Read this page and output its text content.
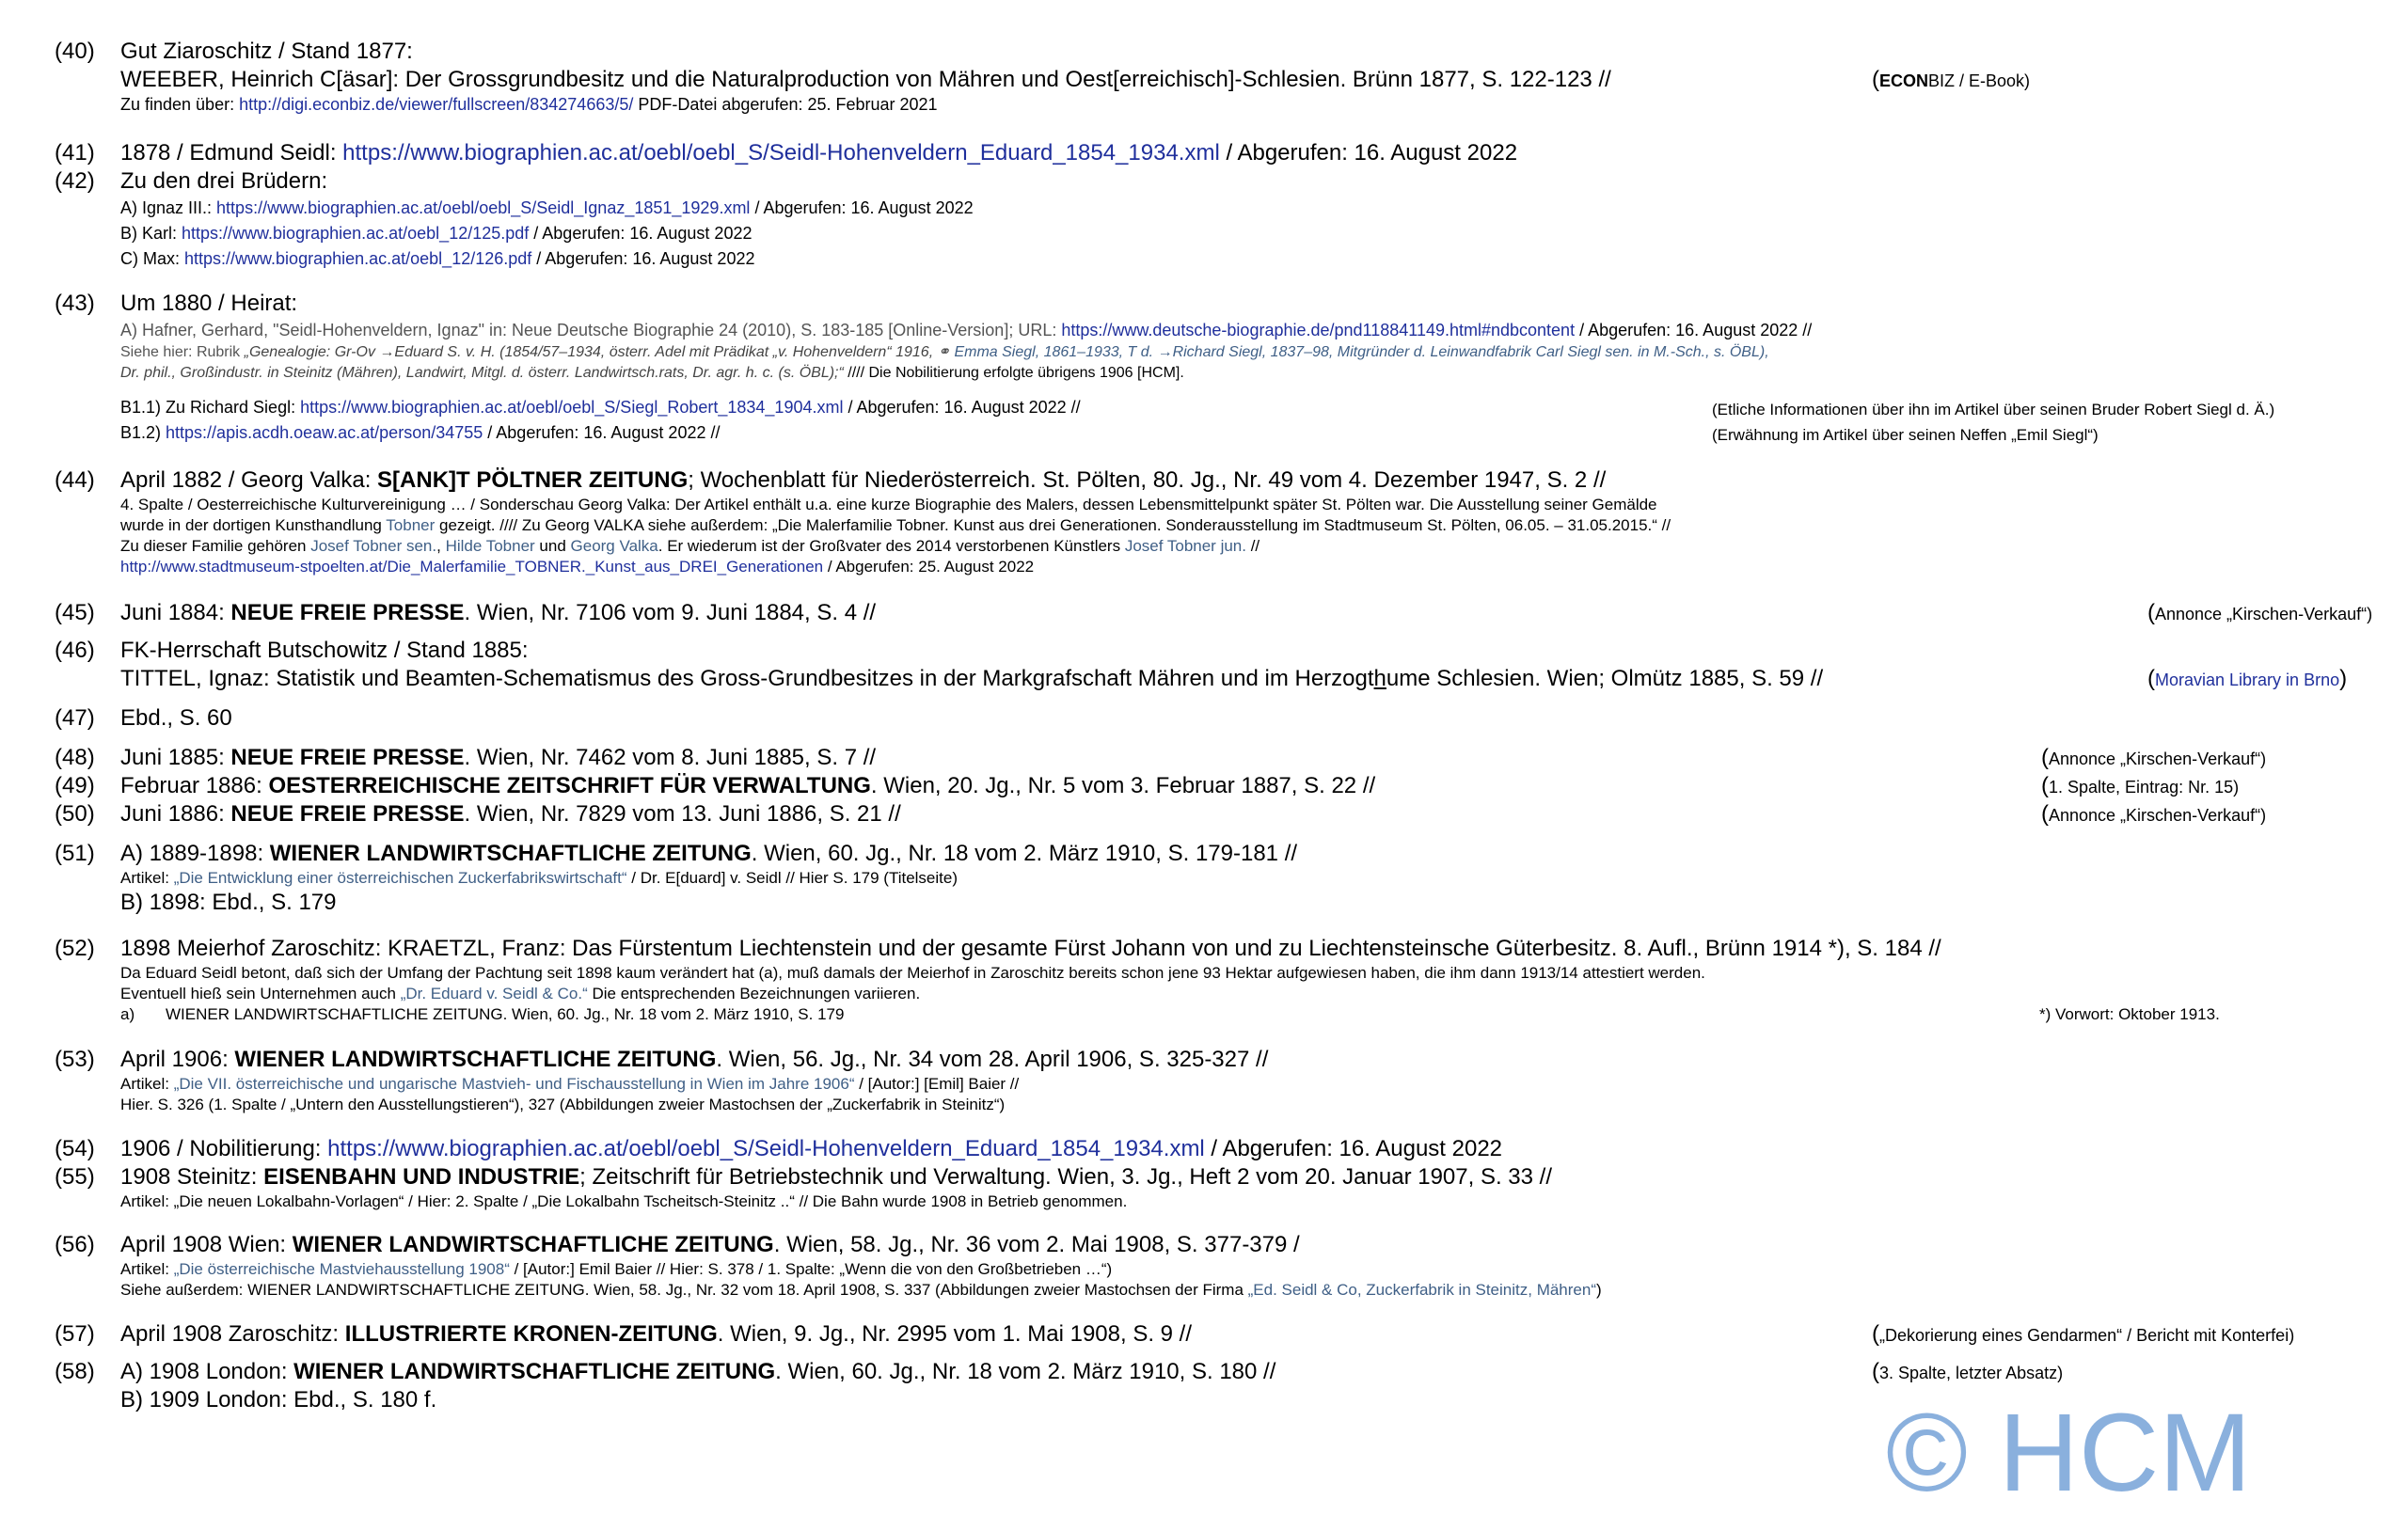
(40) Gut Ziaroschitz / Stand 1877:
WEEBER, Heinrich C[äsar]: Der Grossgrundbesitz und die Naturalproduction von Mähren und Oest[erreichisch]-Schlesien. Brünn 1877, S. 122-123 //	(ECONBIZ / E-Book)
Zu finden über: http://digi.econbiz.de/viewer/fullscreen/834274663/5/ PDF-Datei abgerufen: 25. Februar 2021
(41) 1878 / Edmund Seidl: https://www.biographien.ac.at/oebl/oebl_S/Seidl-Hohenveldern_Eduard_1854_1934.xml / Abgerufen: 16. August 2022
(42) Zu den drei Brüdern:
A) Ignaz III.: https://www.biographien.ac.at/oebl/oebl_S/Seidl_Ignaz_1851_1929.xml / Abgerufen: 16. August 2022
B) Karl: https://www.biographien.ac.at/oebl_12/125.pdf / Abgerufen: 16. August 2022
C) Max: https://www.biographien.ac.at/oebl_12/126.pdf / Abgerufen: 16. August 2022
(43) Um 1880 / Heirat:
A) Hafner, Gerhard, "Seidl-Hohenveldern, Ignaz" in: Neue Deutsche Biographie 24 (2010), S. 183-185 [Online-Version]; URL: https://www.deutsche-biographie.de/pnd118841149.html#ndbcontent / Abgerufen: 16. August 2022 //
Siehe hier: Rubrik „Genealogie: Gr-Ov →Eduard S. v. H. (1854/57–1934, österr. Adel mit Prädikat „v. Hohenveldern“ 1916, ⚭ Emma Siegl, 1861–1933, T d. →Richard Siegl, 1837–98, Mitgründer d. Leinwandfabrik Carl Siegl sen. in M.-Sch., s. ÖBL),
Dr. phil., Großindustr. in Steinitz (Mähren), Landwirt, Mitgl. d. österr. Landwirtsch.rats, Dr. agr. h. c. (s. ÖBL);“ //// Die Nobilitierung erfolgte übrigens 1906 [HCM].
B1.1) Zu Richard Siegl: https://www.biographien.ac.at/oebl/oebl_S/Siegl_Robert_1834_1904.xml / Abgerufen: 16. August 2022 //
B1.2) https://apis.acdh.oeaw.ac.at/person/34755 / Abgerufen: 16. August 2022 //
(Etliche Informationen über ihn im Artikel über seinen Bruder Robert Siegl d. Ä.)
(Erwähnung im Artikel über seinen Neffen „Emil Siegl“)
(44) April 1882 / Georg Valka: S[ANK]T PÖLTNER ZEITUNG; Wochenblatt für Niederösterreich. St. Pölten, 80. Jg., Nr. 49 vom 4. Dezember 1947, S. 2 //
4. Spalte / Oesterreichische Kulturvereinigung … / Sonderschau Georg Valka: Der Artikel enthält u.a. eine kurze Biographie des Malers, dessen Lebensmittelpunkt später St. Pölten war. Die Ausstellung seiner Gemälde
wurde in der dortigen Kunsthandlung Tobner gezeigt. //// Zu Georg VALKA siehe außerdem: „Die Malerfamilie Tobner. Kunst aus drei Generationen. Sonderausstellung im Stadtmuseum St. Pölten, 06.05. – 31.05.2015.“ //
Zu dieser Familie gehören Josef Tobner sen., Hilde Tobner und Georg Valka. Er wiederum ist der Großvater des 2014 verstorbenen Künstlers Josef Tobner jun. //
http://www.stadtmuseum-stpoelten.at/Die_Malerfamilie_TOBNER._Kunst_aus_DREI_Generationen / Abgerufen: 25. August 2022
(45) Juni 1884: NEUE FREIE PRESSE. Wien, Nr. 7106 vom 9. Juni 1884, S. 4 //	(Annonce „Kirschen-Verkauf“)
(46) FK-Herrschaft Butschowitz / Stand 1885:
TITTEL, Ignaz: Statistik und Beamten-Schematismus des Gross-Grundbesitzes in der Markgrafschaft Mähren und im Herzogthume Schlesien. Wien; Olmütz 1885, S. 59 //	(Moravian Library in Brno)
(47) Ebd., S. 60
(48) Juni 1885: NEUE FREIE PRESSE. Wien, Nr. 7462 vom 8. Juni 1885, S. 7 //	(Annonce „Kirschen-Verkauf“)
(49) Februar 1886: OESTERREICHISCHE ZEITSCHRIFT FÜR VERWALTUNG. Wien, 20. Jg., Nr. 5 vom 3. Februar 1887, S. 22 //	(1. Spalte, Eintrag: Nr. 15)
(50) Juni 1886: NEUE FREIE PRESSE. Wien, Nr. 7829 vom 13. Juni 1886, S. 21 //	(Annonce „Kirschen-Verkauf“)
(51) A) 1889-1898: WIENER LANDWIRTSCHAFTLICHE ZEITUNG. Wien, 60. Jg., Nr. 18 vom 2. März 1910, S. 179-181 //
Artikel: „Die Entwicklung einer österreichischen Zuckerfabrikswirtschaft“ / Dr. E[duard] v. Seidl // Hier S. 179 (Titelseite)
B) 1898: Ebd., S. 179
(52) 1898 Meierhof Zaroschitz: KRAETZL, Franz: Das Fürstentum Liechtenstein und der gesamte Fürst Johann von und zu Liechtensteinsche Güterbesitz. 8. Aufl., Brünn 1914 *), S. 184 //
Da Eduard Seidl betont, daß sich der Umfang der Pachtung seit 1898 kaum verändert hat (a), muß damals der Meierhof in Zaroschitz bereits schon jene 93 Hektar aufgewiesen haben, die ihm dann 1913/14 attestiert werden.
Eventuell hieß sein Unternehmen auch „Dr. Eduard v. Seidl & Co.“ Die entsprechenden Bezeichnungen variieren.
a) WIENER LANDWIRTSCHAFTLICHE ZEITUNG. Wien, 60. Jg., Nr. 18 vom 2. März 1910, S. 179	*) Vorwort: Oktober 1913.
(53) April 1906: WIENER LANDWIRTSCHAFTLICHE ZEITUNG. Wien, 56. Jg., Nr. 34 vom 28. April 1906, S. 325-327 //
Artikel: „Die VII. österreichische und ungarische Mastvieh- und Fischausstellung in Wien im Jahre 1906“ / [Autor:] [Emil] Baier //
Hier. S. 326 (1. Spalte / „Untern den Ausstellungstieren“), 327 (Abbildungen zweier Mastochsen der „Zuckerfabrik in Steinitz“)
(54) 1906 / Nobilitierung: https://www.biographien.ac.at/oebl/oebl_S/Seidl-Hohenveldern_Eduard_1854_1934.xml / Abgerufen: 16. August 2022
(55) 1908 Steinitz: EISENBAHN UND INDUSTRIE; Zeitschrift für Betriebstechnik und Verwaltung. Wien, 3. Jg., Heft 2 vom 20. Januar 1907, S. 33 //
Artikel: „Die neuen Lokalbahn-Vorlagen“ / Hier: 2. Spalte / „Die Lokalbahn Tscheitsch-Steinitz ..“ // Die Bahn wurde 1908 in Betrieb genommen.
(56) April 1908 Wien: WIENER LANDWIRTSCHAFTLICHE ZEITUNG. Wien, 58. Jg., Nr. 36 vom 2. Mai 1908, S. 377-379 /
Artikel: „Die österreichische Mastviehausstellung 1908“ / [Autor:] Emil Baier // Hier: S. 378 / 1. Spalte: „Wenn die von den Großbetrieben …“)
Siehe außerdem: WIENER LANDWIRTSCHAFTLICHE ZEITUNG. Wien, 58. Jg., Nr. 32 vom 18. April 1908, S. 337 (Abbildungen zweier Mastochsen der Firma „Ed. Seidl & Co, Zuckerfabrik in Steinitz, Mähren“)
(57) April 1908 Zaroschitz: ILLUSTRIERTE KRONEN-ZEITUNG. Wien, 9. Jg., Nr. 2995 vom 1. Mai 1908, S. 9 //	(„Dekorierung eines Gendarmen“ / Bericht mit Konterfei)
(58) A) 1908 London: WIENER LANDWIRTSCHAFTLICHE ZEITUNG. Wien, 60. Jg., Nr. 18 vom 2. März 1910, S. 180 //
B) 1909 London: Ebd., S. 180 f.
(3. Spalte, letzter Absatz)
© HCM
